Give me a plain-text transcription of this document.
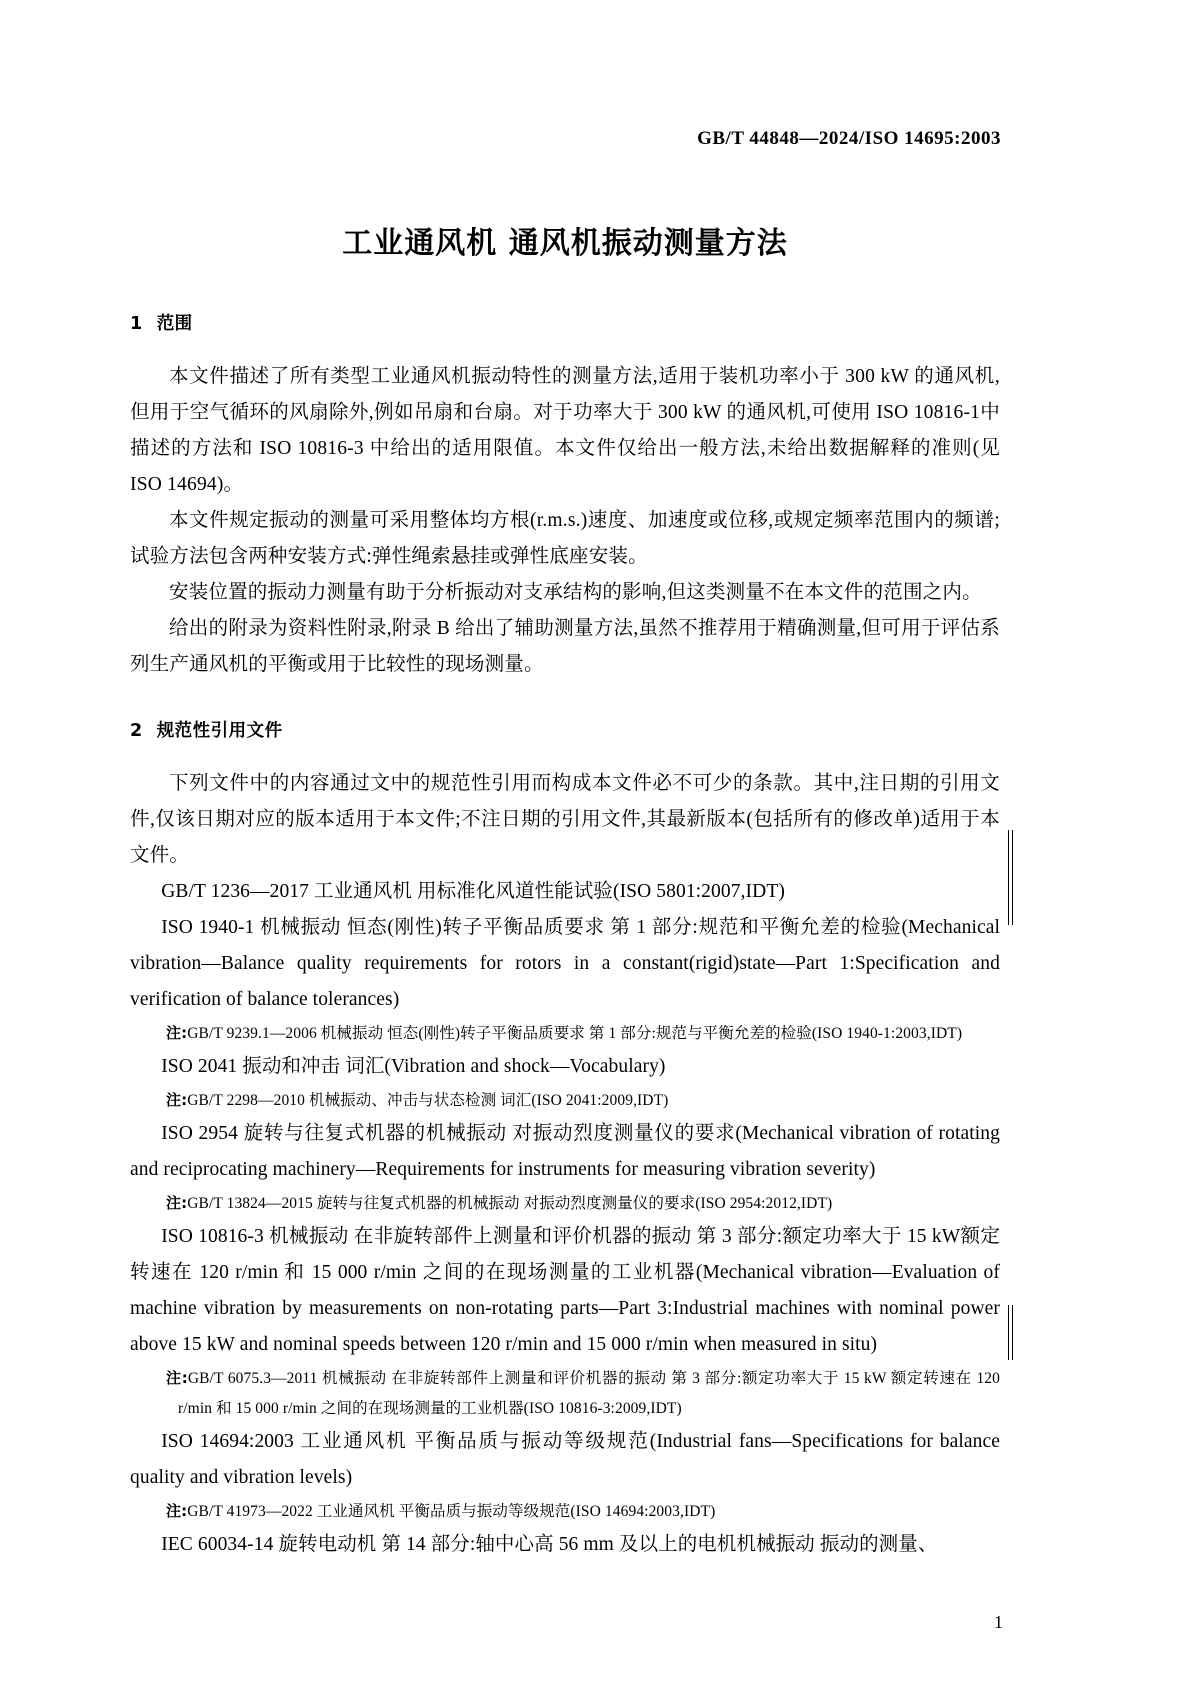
GB/T 44848—2024/ISO 14695:2003
工业通风机 通风机振动测量方法
1 范围

本文件描述了所有类型工业通风机振动特性的测量方法,适用于装机功率小于 300 kW 的通风机,但用于空气循环的风扇除外,例如吊扇和台扇。对于功率大于 300 kW 的通风机,可使用 ISO 10816-1中描述的方法和 ISO 10816-3 中给出的适用限值。本文件仅给出一般方法,未给出数据解释的准则(见 ISO 14694)。

本文件规定振动的测量可采用整体均方根(r.m.s.)速度、加速度或位移,或规定频率范围内的频谱;试验方法包含两种安装方式:弹性绳索悬挂或弹性底座安装。

安装位置的振动力测量有助于分析振动对支承结构的影响,但这类测量不在本文件的范围之内。

给出的附录为资料性附录,附录 B 给出了辅助测量方法,虽然不推荐用于精确测量,但可用于评估系列生产通风机的平衡或用于比较性的现场测量。

2 规范性引用文件

下列文件中的内容通过文中的规范性引用而构成本文件必不可少的条款。其中,注日期的引用文件,仅该日期对应的版本适用于本文件;不注日期的引用文件,其最新版本(包括所有的修改单)适用于本文件。

GB/T 1236—2017 工业通风机 用标准化风道性能试验(ISO 5801:2007,IDT)

ISO 1940-1 机械振动 恒态(刚性)转子平衡品质要求 第 1 部分:规范和平衡允差的检验(Mechanical vibration—Balance quality requirements for rotors in a constant(rigid)state—Part 1:Specification and verification of balance tolerances)

注:GB/T 9239.1—2006 机械振动 恒态(刚性)转子平衡品质要求 第 1 部分:规范与平衡允差的检验(ISO 1940-1:2003,IDT)

ISO 2041 振动和冲击 词汇(Vibration and shock—Vocabulary)

注:GB/T 2298—2010 机械振动、冲击与状态检测 词汇(ISO 2041:2009,IDT)

ISO 2954 旋转与往复式机器的机械振动 对振动烈度测量仪的要求(Mechanical vibration of rotating and reciprocating machinery—Requirements for instruments for measuring vibration severity)

注:GB/T 13824—2015 旋转与往复式机器的机械振动 对振动烈度测量仪的要求(ISO 2954:2012,IDT)

ISO 10816-3 机械振动 在非旋转部件上测量和评价机器的振动 第 3 部分:额定功率大于 15 kW额定转速在 120 r/min 和 15 000 r/min 之间的在现场测量的工业机器(Mechanical vibration—Evaluation of machine vibration by measurements on non-rotating parts—Part 3:Industrial machines with nominal power above 15 kW and nominal speeds between 120 r/min and 15 000 r/min when measured in situ)

注:GB/T 6075.3—2011 机械振动 在非旋转部件上测量和评价机器的振动 第 3 部分:额定功率大于 15 kW 额定转速在 120 r/min 和 15 000 r/min 之间的在现场测量的工业机器(ISO 10816-3:2009,IDT)

ISO 14694:2003 工业通风机 平衡品质与振动等级规范(Industrial fans—Specifications for balance quality and vibration levels)

注:GB/T 41973—2022 工业通风机 平衡品质与振动等级规范(ISO 14694:2003,IDT)

IEC 60034-14 旋转电动机 第 14 部分:轴中心高 56 mm 及以上的电机机械振动 振动的测量、

1
